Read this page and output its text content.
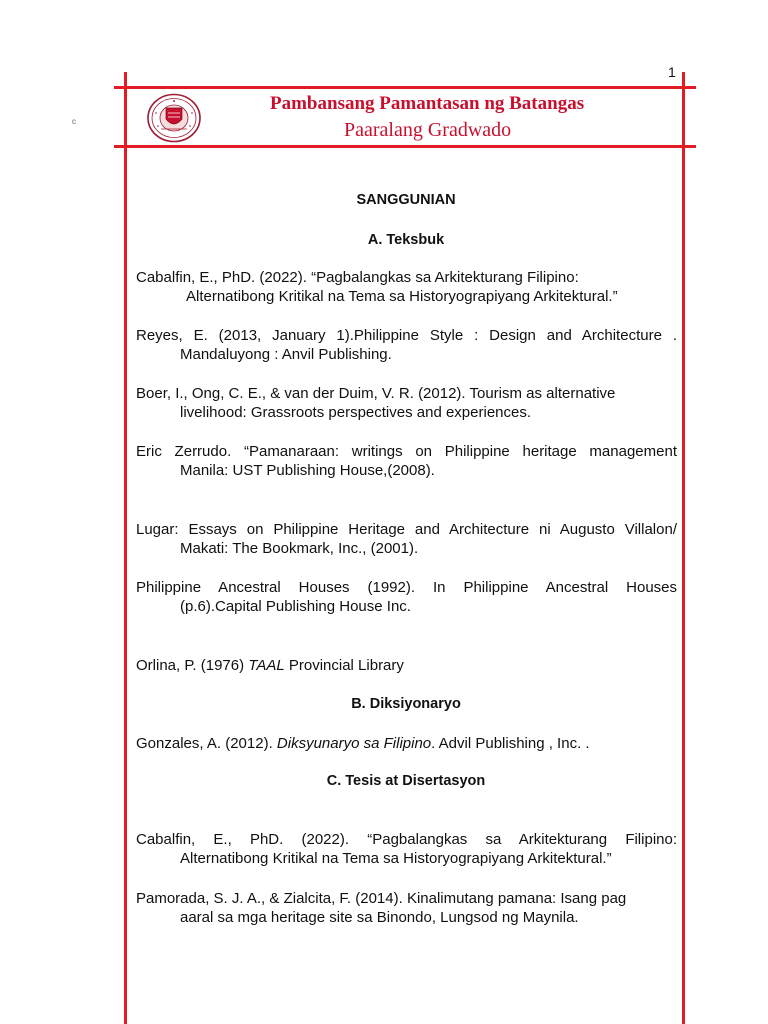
1
c
Pambansang Pamantasan ng Batangas
Paaralang Gradwado
SANGGUNIAN
A. Teksbuk
Cabalfin, E., PhD. (2022). “Pagbalangkas sa Arkitekturang Filipino:
Alternatibong Kritikal na Tema sa Historyograpiyang Arkitektural.”
Reyes, E. (2013, January 1).Philippine Style : Design and Architecture .
Mandaluyong : Anvil Publishing.
Boer, I., Ong, C. E., & van der Duim, V. R. (2012). Tourism as alternative
livelihood: Grassroots perspectives and experiences.
Eric Zerrudo. “Pamanaraan: writings on Philippine heritage management
Manila: UST Publishing House,(2008).
Lugar: Essays on Philippine Heritage and Architecture ni Augusto Villalon/
Makati: The Bookmark, Inc., (2001).
Philippine Ancestral Houses (1992). In Philippine Ancestral Houses
(p.6).Capital Publishing House Inc.
Orlina, P. (1976) TAAL Provincial Library
B. Diksiyonaryo
Gonzales, A. (2012). Diksyunaryo sa Filipino. Advil Publishing , Inc. .
C. Tesis at Disertasyon
Cabalfin, E., PhD. (2022). “Pagbalangkas sa Arkitekturang Filipino:
Alternatibong Kritikal na Tema sa Historyograpiyang Arkitektural.”
Pamorada, S. J. A., & Zialcita, F. (2014). Kinalimutang pamana: Isang pag
aaral sa mga heritage site sa Binondo, Lungsod ng Maynila.
